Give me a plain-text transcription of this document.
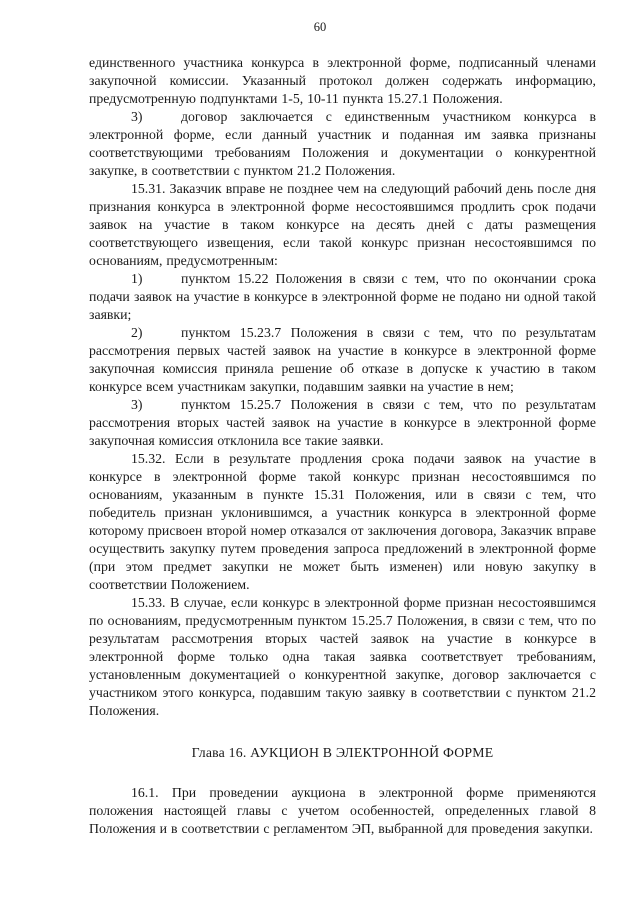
60

единственного участника конкурса в электронной форме, подписанный членами закупочной комиссии. Указанный протокол должен содержать информацию, предусмотренную подпунктами 1-5, 10-11 пункта 15.27.1 Положения.

3)	договор заключается с единственным участником конкурса в электронной форме, если данный участник и поданная им заявка признаны соответствующими требованиям Положения и документации о конкурентной закупке, в соответствии с пунктом 21.2 Положения.

15.31. Заказчик вправе не позднее чем на следующий рабочий день после дня признания конкурса в электронной форме несостоявшимся продлить срок подачи заявок на участие в таком конкурсе на десять дней с даты размещения соответствующего извещения, если такой конкурс признан несостоявшимся по основаниям, предусмотренным:

1)	пунктом 15.22 Положения в связи с тем, что по окончании срока подачи заявок на участие в конкурсе в электронной форме не подано ни одной такой заявки;

2)	пунктом 15.23.7 Положения в связи с тем, что по результатам рассмотрения первых частей заявок на участие в конкурсе в электронной форме закупочная комиссия приняла решение об отказе в допуске к участию в таком конкурсе всем участникам закупки, подавшим заявки на участие в нем;

3)	пунктом 15.25.7 Положения в связи с тем, что по результатам рассмотрения вторых частей заявок на участие в конкурсе в электронной форме закупочная комиссия отклонила все такие заявки.

15.32. Если в результате продления срока подачи заявок на участие в конкурсе в электронной форме такой конкурс признан несостоявшимся по основаниям, указанным в пункте 15.31 Положения, или в связи с тем, что победитель признан уклонившимся, а участник конкурса в электронной форме которому присвоен второй номер отказался от заключения договора, Заказчик вправе осуществить закупку путем проведения запроса предложений в электронной форме (при этом предмет закупки не может быть изменен) или новую закупку в соответствии Положением.

15.33. В случае, если конкурс в электронной форме признан несостоявшимся по основаниям, предусмотренным пунктом 15.25.7 Положения, в связи с тем, что по результатам рассмотрения вторых частей заявок на участие в конкурсе в электронной форме только одна такая заявка соответствует требованиям, установленным документацией о конкурентной закупке, договор заключается с участником этого конкурса, подавшим такую заявку в соответствии с пунктом 21.2 Положения.

Глава 16. АУКЦИОН В ЭЛЕКТРОННОЙ ФОРМЕ

16.1. При проведении аукциона в электронной форме применяются положения настоящей главы с учетом особенностей, определенных главой 8 Положения и в соответствии с регламентом ЭП, выбранной для проведения закупки.
